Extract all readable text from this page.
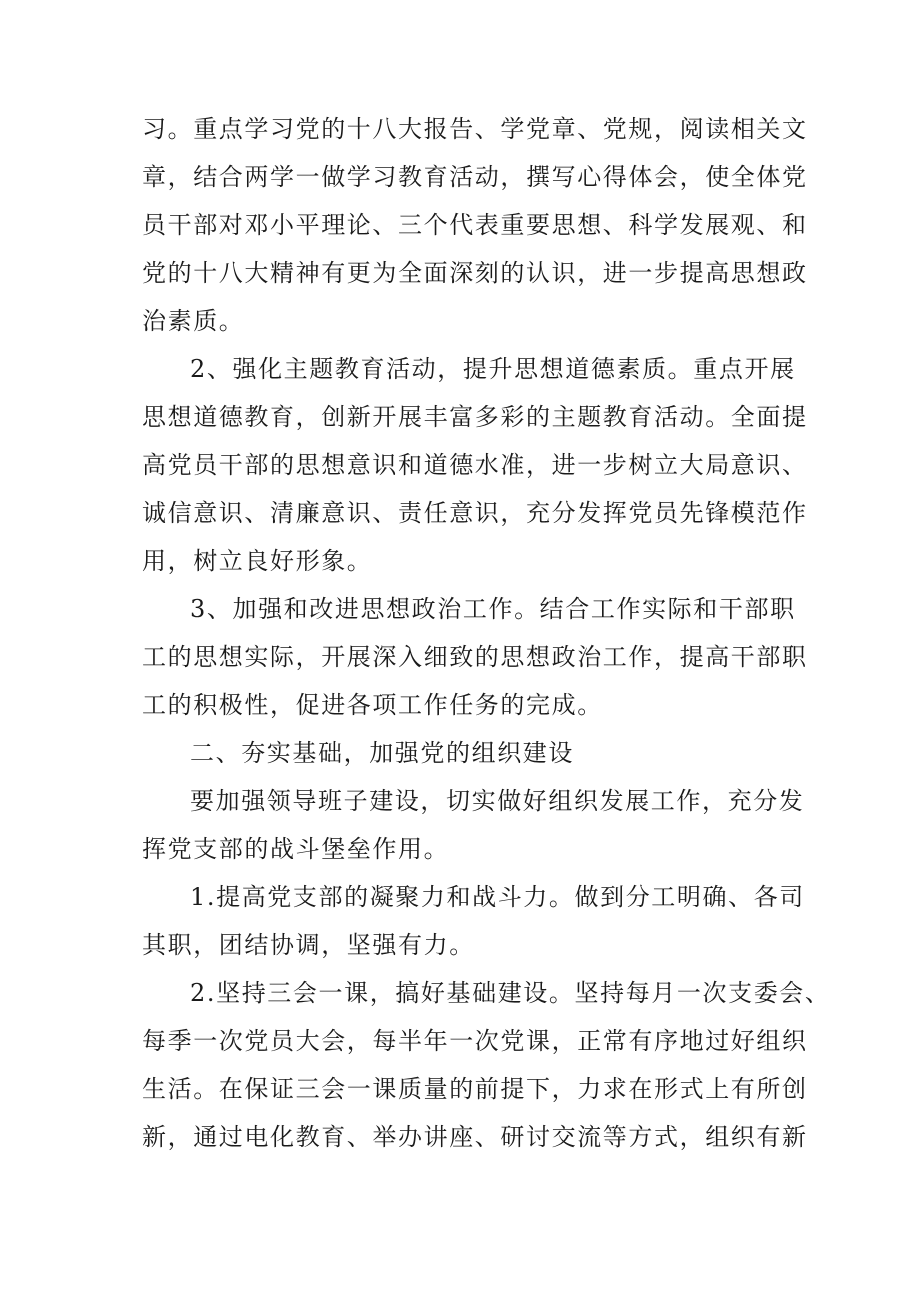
习。重点学习党的十八大报告、学党章、党规，阅读相关文
章，结合两学一做学习教育活动，撰写心得体会，使全体党
员干部对邓小平理论、三个代表重要思想、科学发展观、和
党的十八大精神有更为全面深刻的认识，进一步提高思想政
治素质。
2、强化主题教育活动，提升思想道德素质。重点开展
思想道德教育，创新开展丰富多彩的主题教育活动。全面提
高党员干部的思想意识和道德水准，进一步树立大局意识、
诚信意识、清廉意识、责任意识，充分发挥党员先锋模范作
用，树立良好形象。
3、加强和改进思想政治工作。结合工作实际和干部职
工的思想实际，开展深入细致的思想政治工作，提高干部职
工的积极性，促进各项工作任务的完成。
二、夯实基础，加强党的组织建设
要加强领导班子建设，切实做好组织发展工作，充分发
挥党支部的战斗堡垒作用。
1.提高党支部的凝聚力和战斗力。做到分工明确、各司
其职，团结协调，坚强有力。
2.坚持三会一课，搞好基础建设。坚持每月一次支委会、
每季一次党员大会，每半年一次党课，正常有序地过好组织
生活。在保证三会一课质量的前提下，力求在形式上有所创
新，通过电化教育、举办讲座、研讨交流等方式，组织有新
